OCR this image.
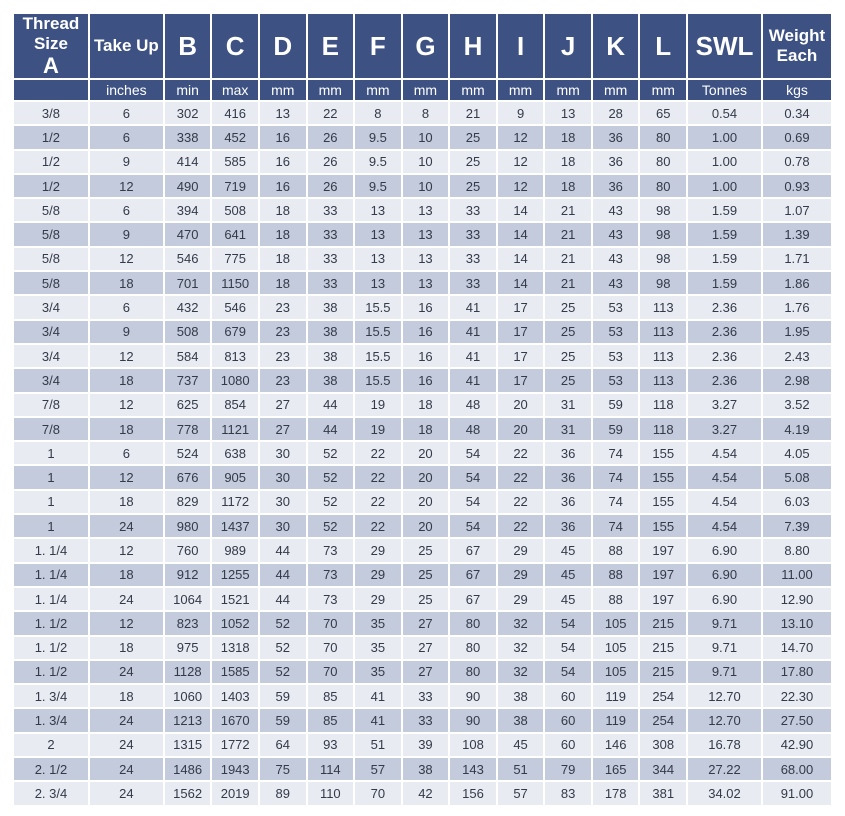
Thread Size
A	Take Up	B	C	D	E	F	G	H	I	J	K	L	SWL	Weight Each
	inches	min	max	mm	mm	mm	mm	mm	mm	mm	mm	mm	Tonnes	kgs
3/8	6	302	416	13	22	8	8	21	9	13	28	65	0.54	0.34
1/2	6	338	452	16	26	9.5	10	25	12	18	36	80	1.00	0.69
1/2	9	414	585	16	26	9.5	10	25	12	18	36	80	1.00	0.78
1/2	12	490	719	16	26	9.5	10	25	12	18	36	80	1.00	0.93
5/8	6	394	508	18	33	13	13	33	14	21	43	98	1.59	1.07
5/8	9	470	641	18	33	13	13	33	14	21	43	98	1.59	1.39
5/8	12	546	775	18	33	13	13	33	14	21	43	98	1.59	1.71
5/8	18	701	1150	18	33	13	13	33	14	21	43	98	1.59	1.86
3/4	6	432	546	23	38	15.5	16	41	17	25	53	113	2.36	1.76
3/4	9	508	679	23	38	15.5	16	41	17	25	53	113	2.36	1.95
3/4	12	584	813	23	38	15.5	16	41	17	25	53	113	2.36	2.43
3/4	18	737	1080	23	38	15.5	16	41	17	25	53	113	2.36	2.98
7/8	12	625	854	27	44	19	18	48	20	31	59	118	3.27	3.52
7/8	18	778	1121	27	44	19	18	48	20	31	59	118	3.27	4.19
1	6	524	638	30	52	22	20	54	22	36	74	155	4.54	4.05
1	12	676	905	30	52	22	20	54	22	36	74	155	4.54	5.08
1	18	829	1172	30	52	22	20	54	22	36	74	155	4.54	6.03
1	24	980	1437	30	52	22	20	54	22	36	74	155	4.54	7.39
1. 1/4	12	760	989	44	73	29	25	67	29	45	88	197	6.90	8.80
1. 1/4	18	912	1255	44	73	29	25	67	29	45	88	197	6.90	11.00
1. 1/4	24	1064	1521	44	73	29	25	67	29	45	88	197	6.90	12.90
1. 1/2	12	823	1052	52	70	35	27	80	32	54	105	215	9.71	13.10
1. 1/2	18	975	1318	52	70	35	27	80	32	54	105	215	9.71	14.70
1. 1/2	24	1128	1585	52	70	35	27	80	32	54	105	215	9.71	17.80
1. 3/4	18	1060	1403	59	85	41	33	90	38	60	119	254	12.70	22.30
1. 3/4	24	1213	1670	59	85	41	33	90	38	60	119	254	12.70	27.50
2	24	1315	1772	64	93	51	39	108	45	60	146	308	16.78	42.90
2. 1/2	24	1486	1943	75	114	57	38	143	51	79	165	344	27.22	68.00
2. 3/4	24	1562	2019	89	110	70	42	156	57	83	178	381	34.02	91.00
